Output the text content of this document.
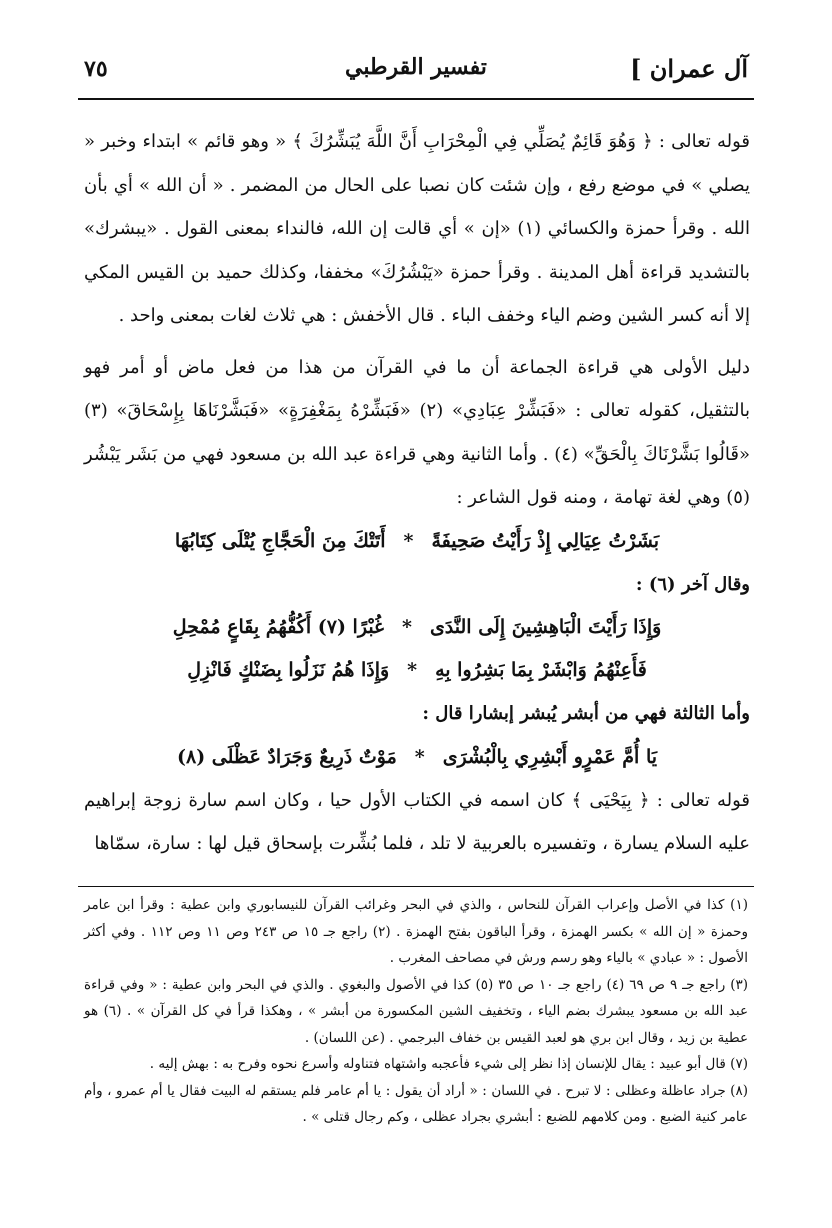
٧٥	تفسير القرطبي	آل عمران ]

قوله تعالى : ﴿ وَهُوَ قَائِمٌ يُصَلِّي فِي الْمِحْرَابِ أَنَّ اللَّهَ يُبَشِّرُكَ ﴾ « وهو قائم » ابتداء وخبر « يصلي » في موضع رفع ، وإن شئت كان نصبا على الحال من المضمر . « أن الله » أي بأن الله . وقرأ حمزة والكسائي (١) «إن » أي قالت إن الله، فالنداء بمعنى القول . «يبشرك» بالتشديد قراءة أهل المدينة . وقرأ حمزة «يَبْشُرُكَ» مخففا، وكذلك حميد بن القيس المكي إلا أنه كسر الشين وضم الياء وخفف الباء . قال الأخفش : هي ثلاث لغات بمعنى واحد .

دليل الأولى هي قراءة الجماعة أن ما في القرآن من هذا من فعل ماض أو أمر فهو بالتثقيل، كقوله تعالى : «فَبَشِّرْ عِبَادِي» (٢) «فَبَشِّرْهُ بِمَغْفِرَةٍ» «فَبَشَّرْنَاهَا بِإِسْحَاقَ» (٣) «قَالُوا بَشَّرْنَاكَ بِالْحَقِّ» (٤) . وأما الثانية وهي قراءة عبد الله بن مسعود فهي من بَشَر يَبْشُر (٥) وهي لغة تهامة ، ومنه قول الشاعر :

بَشَرْتُ عِيَالِي إِذْ رَأَيْتُ صَحِيفَةً
*
أَتَتْكَ مِنَ الْحَجَّاجِ يُتْلَى كِتَابُهَا

وقال آخر (٦) :

وَإِذَا رَأَيْتَ الْبَاهِشِينَ إِلَى النَّدَى
*
غُبْرًا (٧) أَكُفُّهُمُ بِقَاعٍ مُمْحِلِ
فَأَعِنْهُمُ وَابْشَرْ بِمَا بَشِرُوا بِهِ
*
وَإِذَا هُمُ نَزَلُوا بِضَنْكٍ فَانْزِلِ

وأما الثالثة فهي من أبشر يُبشر إبشارا قال :

يَا أُمَّ عَمْرٍو أَبْشِرِي بِالْبُشْرَى
*
مَوْتٌ ذَرِيعٌ وَجَرَادٌ عَظْلَى (٨)

قوله تعالى : ﴿ بِيَحْيَى ﴾ كان اسمه في الكتاب الأول حيا ، وكان اسم سارة زوجة إبراهيم عليه السلام يسارة ، وتفسيره بالعربية لا تلد ، فلما بُشِّرت بإسحاق قيل لها : سارة، سمّاها

(١) كذا في الأصل وإعراب القرآن للنحاس ، والذي في البحر وغرائب القرآن للنيسابوري وابن عطية : وقرأ ابن عامر وحمزة « إن الله » بكسر الهمزة ، وقرأ الباقون بفتح الهمزة . (٢) راجع جـ ١٥ ص ٢٤٣ وص ١١ وص ١١٢ . وفي أكثر الأصول : « عبادي » بالياء وهو رسم ورش في مصاحف المغرب .

(٣) راجع جـ ٩ ص ٦٩ (٤) راجع جـ ١٠ ص ٣٥ (٥) كذا في الأصول والبغوي . والذي في البحر وابن عطية : « وفي قراءة عبد الله بن مسعود يبشرك بضم الياء ، وتخفيف الشين المكسورة من أبشر » ، وهكذا قرأ في كل القرآن » . (٦) هو عطية بن زيد ، وقال ابن بري هو لعبد القيس بن خفاف البرجمي . (عن اللسان) .

(٧) قال أبو عبيد : يقال للإنسان إذا نظر إلى شيء فأعجبه واشتهاه فتناوله وأسرع نحوه وفرح به : بهش إليه .

(٨) جراد عاظلة وعظلى : لا تبرح . في اللسان : « أراد أن يقول : يا أم عامر فلم يستقم له البيت فقال يا أم عمرو ، وأم عامر كنية الضبع . ومن كلامهم للضبع : أبشري بجراد عظلى ، وكم رجال قتلى » .
